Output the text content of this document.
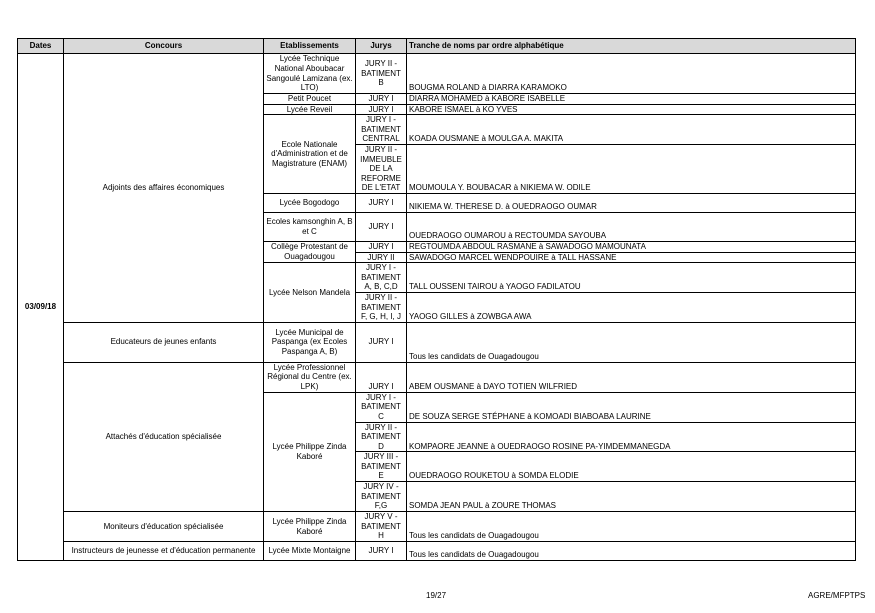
Dates	Concours	Etablissements	Jurys	Tranche de noms par ordre alphabétique
03/09/18	Adjoints des affaires économiques	Lycée Technique National Aboubacar Sangoulé Lamizana (ex. LTO)	JURY II - BATIMENT B	BOUGMA ROLAND à DIARRA KARAMOKO
		Petit Poucet	JURY I	DIARRA MOHAMED à KABORE ISABELLE
		Lycée Reveil	JURY I	KABORE ISMAEL à KO YVES
		Ecole Nationale d'Administration et de Magistrature (ENAM)	JURY I - BATIMENT CENTRAL	KOADA OUSMANE à MOULGA A. MAKITA
			JURY II - IMMEUBLE DE LA REFORME DE L'ETAT	MOUMOULA Y. BOUBACAR à NIKIEMA W. ODILE
		Lycée Bogodogo	JURY I	NIKIEMA W. THERESE D. à OUEDRAOGO OUMAR
		Ecoles kamsonghin A, B et C	JURY I	OUEDRAOGO OUMAROU à RECTOUMDA SAYOUBA
		Collège Protestant de Ouagadougou	JURY I	REGTOUMDA ABDOUL RASMANE à SAWADOGO MAMOUNATA
			JURY II	SAWADOGO MARCEL WENDPOUIRE à TALL HASSANE
		Lycée Nelson Mandela	JURY I - BATIMENT A, B, C,D	TALL OUSSENI TAIROU à YAOGO FADILATOU
			JURY II - BATIMENT F, G, H, I, J	YAOGO GILLES à ZOWBGA AWA
	Educateurs de jeunes enfants	Lycée Municipal de Paspanga (ex Ecoles Paspanga A, B)	JURY I	Tous les candidats de Ouagadougou
	Attachés d'éducation spécialisée	Lycée Professionnel Régional du Centre (ex. LPK)	JURY I	ABEM OUSMANE à DAYO TOTIEN WILFRIED
		Lycée Philippe Zinda Kaboré	JURY I - BATIMENT C	DE SOUZA SERGE STÉPHANE à KOMOADI BIABOABA LAURINE
			JURY II - BATIMENT D	KOMPAORE JEANNE à OUEDRAOGO ROSINE PA-YIMDEMMANEGDA
			JURY III - BATIMENT E	OUEDRAOGO ROUKETOU à SOMDA ELODIE
			JURY IV - BATIMENT F,G	SOMDA JEAN PAUL à ZOURE THOMAS
	Moniteurs d'éducation spécialisée	Lycée Philippe Zinda Kaboré	JURY V - BATIMENT H	Tous les candidats de Ouagadougou
	Instructeurs de jeunesse et d'éducation permanente	Lycée Mixte Montaigne	JURY I	Tous les candidats de Ouagadougou
19/27	AGRE/MFPTPS
